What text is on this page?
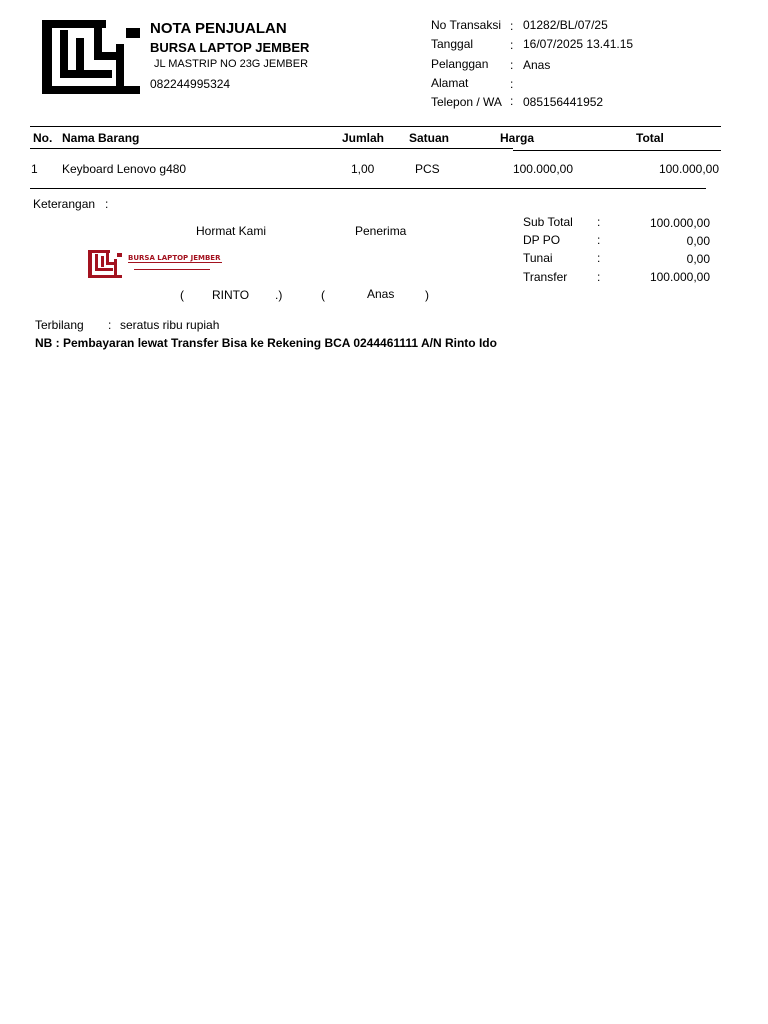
NOTA PENJUALAN
BURSA LAPTOP JEMBER
JL MASTRIP NO 23G JEMBER
082244995324
No Transaksi : 01282/BL/07/25
Tanggal	: 16/07/2025 13.41.15
Pelanggan : Anas
Alamat	:
Telepon / WA : 085156441952
No. Nama Barang	Jumlah Satuan	Harga	Total
1 Keyboard Lenovo g480	1,00	PCS	100.000,00	100.000,00
Keterangan :
Hormat Kami	Penerima
BURSA LAPTOP JEMBER
( RINTO .)	(	Anas	)
Sub Total :	100.000,00
DP PO	:	0,00
Tunai	:	0,00
Transfer :	100.000,00
Terbilang : seratus ribu rupiah
NB : Pembayaran lewat Transfer Bisa ke Rekening BCA 0244461111 A/N Rinto Ido
